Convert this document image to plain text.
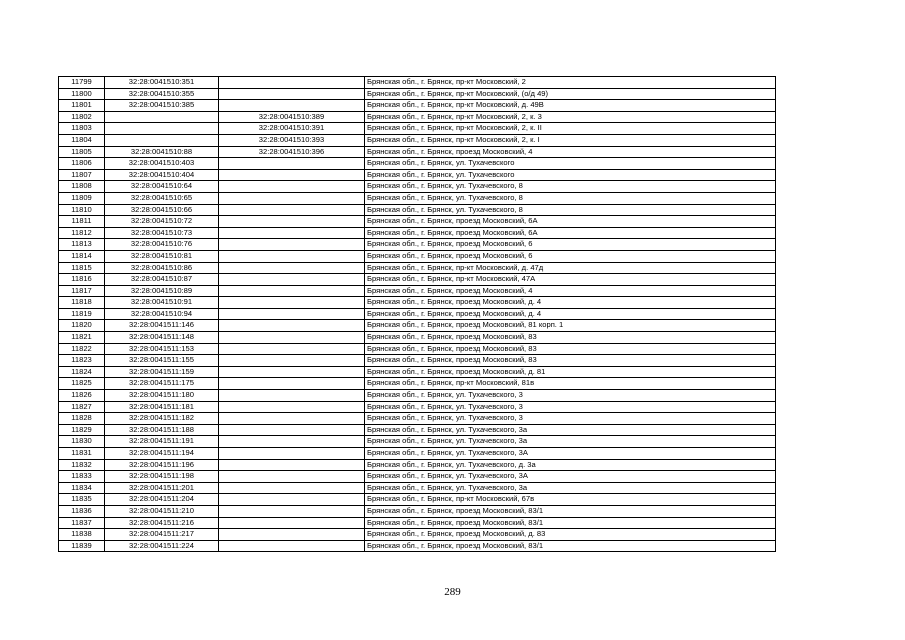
11799	32:28:0041510:351		Брянская обл., г. Брянск, пр-кт Московский, 2
11800	32:28:0041510:355		Брянская обл., г. Брянск, пр-кт Московский, (о/д 49)
11801	32:28:0041510:385		Брянская обл., г. Брянск, пр-кт Московский, д. 49В
11802		32:28:0041510:389	Брянская обл., г. Брянск, пр-кт Московский, 2, к. 3
11803		32:28:0041510:391	Брянская обл., г. Брянск, пр-кт Московский, 2, к. II
11804		32:28:0041510:393	Брянская обл., г. Брянск, пр-кт Московский, 2, к. I
11805	32:28:0041510:88	32:28:0041510:396	Брянская обл., г. Брянск, проезд Московский, 4
11806	32:28:0041510:403		Брянская обл., г. Брянск, ул. Тухачевского
11807	32:28:0041510:404		Брянская обл., г. Брянск, ул. Тухачевского
11808	32:28:0041510:64		Брянская обл., г. Брянск, ул. Тухачевского, 8
11809	32:28:0041510:65		Брянская обл., г. Брянск, ул. Тухачевского, 8
11810	32:28:0041510:66		Брянская обл., г. Брянск, ул. Тухачевского, 8
11811	32:28:0041510:72		Брянская обл., г. Брянск, проезд Московский, 6А
11812	32:28:0041510:73		Брянская обл., г. Брянск, проезд Московский, 6А
11813	32:28:0041510:76		Брянская обл., г. Брянск, проезд Московский, 6
11814	32:28:0041510:81		Брянская обл., г. Брянск, проезд Московский, 6
11815	32:28:0041510:86		Брянская обл., г. Брянск, пр-кт Московский, д. 47д
11816	32:28:0041510:87		Брянская обл., г. Брянск, пр-кт Московский, 47А
11817	32:28:0041510:89		Брянская обл., г. Брянск, проезд Московский, 4
11818	32:28:0041510:91		Брянская обл., г. Брянск, проезд Московский, д. 4
11819	32:28:0041510:94		Брянская обл., г. Брянск, проезд Московский, д. 4
11820	32:28:0041511:146		Брянская обл., г. Брянск, проезд Московский, 81 корп. 1
11821	32:28:0041511:148		Брянская обл., г. Брянск, проезд Московский, 83
11822	32:28:0041511:153		Брянская обл., г. Брянск, проезд Московский, 83
11823	32:28:0041511:155		Брянская обл., г. Брянск, проезд Московский, 83
11824	32:28:0041511:159		Брянская обл., г. Брянск, проезд Московский, д. 81
11825	32:28:0041511:175		Брянская обл., г. Брянск, пр-кт Московский, 81в
11826	32:28:0041511:180		Брянская обл., г. Брянск, ул. Тухачевского, 3
11827	32:28:0041511:181		Брянская обл., г. Брянск, ул. Тухачевского, 3
11828	32:28:0041511:182		Брянская обл., г. Брянск, ул. Тухачевского, 3
11829	32:28:0041511:188		Брянская обл., г. Брянск, ул. Тухачевского, 3а
11830	32:28:0041511:191		Брянская обл., г. Брянск, ул. Тухачевского, 3а
11831	32:28:0041511:194		Брянская обл., г. Брянск, ул. Тухачевского, 3А
11832	32:28:0041511:196		Брянская обл., г. Брянск, ул. Тухачевского, д. 3а
11833	32:28:0041511:198		Брянская обл., г. Брянск, ул. Тухачевского, 3А
11834	32:28:0041511:201		Брянская обл., г. Брянск, ул. Тухачевского, 3а
11835	32:28:0041511:204		Брянская обл., г. Брянск, пр-кт Московский, 67в
11836	32:28:0041511:210		Брянская обл., г. Брянск, проезд Московский, 83/1
11837	32:28:0041511:216		Брянская обл., г. Брянск, проезд Московский, 83/1
11838	32:28:0041511:217		Брянская обл., г. Брянск, проезд Московский, д. 83
11839	32:28:0041511:224		Брянская обл., г. Брянск, проезд Московский, 83/1
289
